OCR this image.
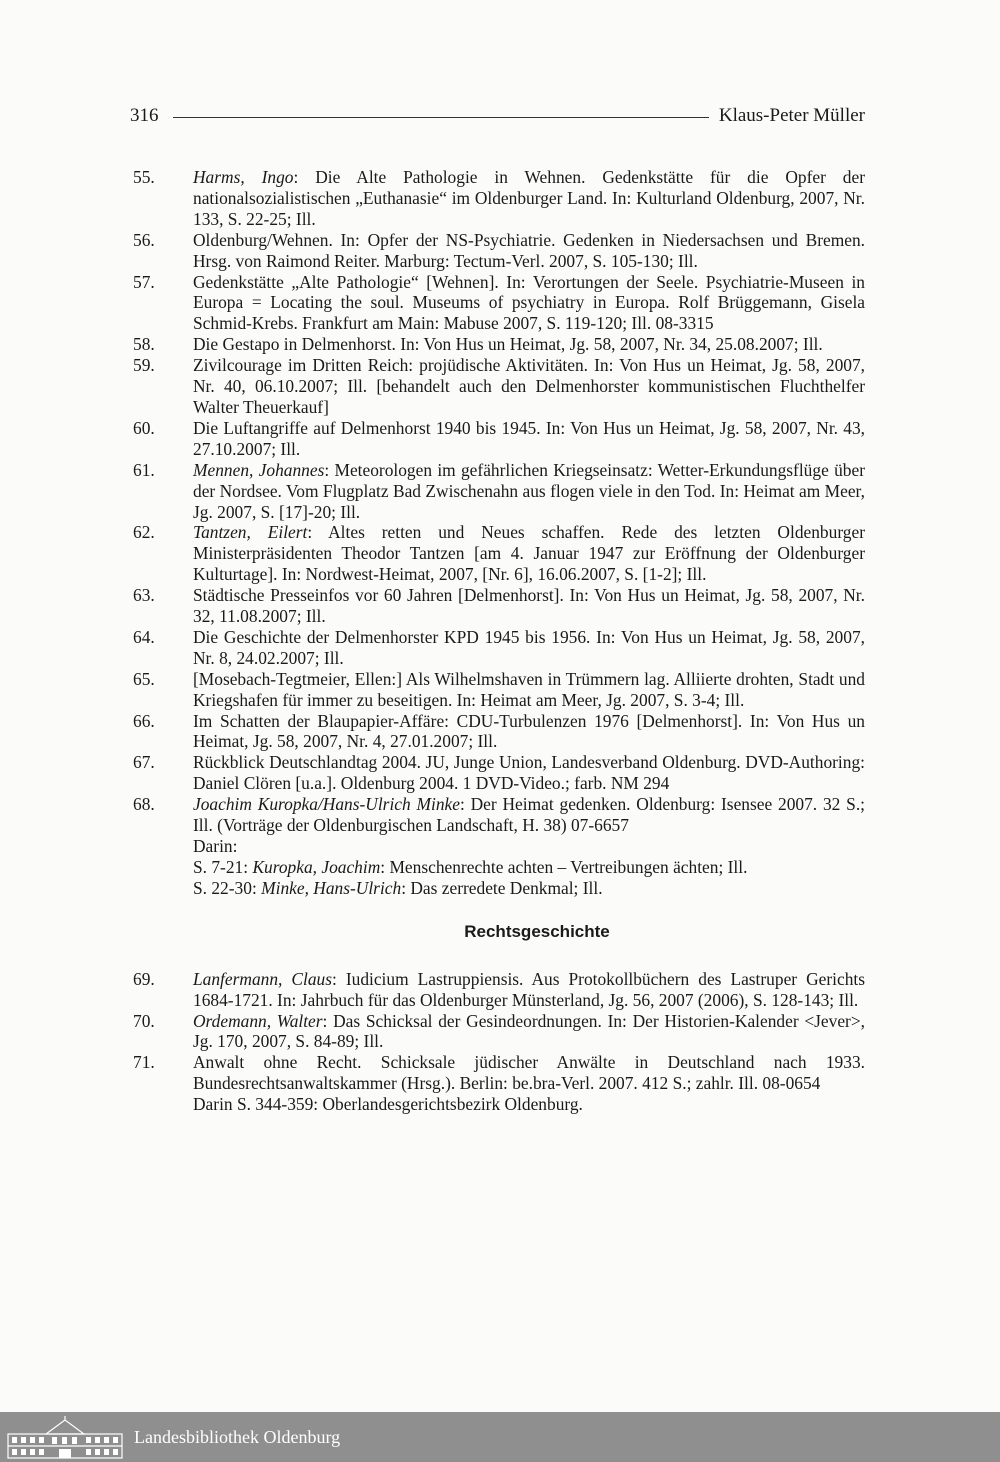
316	Klaus-Peter Müller
55. Harms, Ingo: Die Alte Pathologie in Wehnen. Gedenkstätte für die Opfer der nationalsozialistischen „Euthanasie“ im Oldenburger Land. In: Kulturland Oldenburg, 2007, Nr. 133, S. 22-25; Ill.
56. Oldenburg/Wehnen. In: Opfer der NS-Psychiatrie. Gedenken in Niedersachsen und Bremen. Hrsg. von Raimond Reiter. Marburg: Tectum-Verl. 2007, S. 105-130; Ill.
57. Gedenkstätte „Alte Pathologie“ [Wehnen]. In: Verortungen der Seele. Psychiatrie-Museen in Europa = Locating the soul. Museums of psychiatry in Europa. Rolf Brüggemann, Gisela Schmid-Krebs. Frankfurt am Main: Mabuse 2007, S. 119-120; Ill. 08-3315
58. Die Gestapo in Delmenhorst. In: Von Hus un Heimat, Jg. 58, 2007, Nr. 34, 25.08.2007; Ill.
59. Zivilcourage im Dritten Reich: projüdische Aktivitäten. In: Von Hus un Heimat, Jg. 58, 2007, Nr. 40, 06.10.2007; Ill. [behandelt auch den Delmenhorster kommunistischen Fluchthelfer Walter Theuerkauf]
60. Die Luftangriffe auf Delmenhorst 1940 bis 1945. In: Von Hus un Heimat, Jg. 58, 2007, Nr. 43, 27.10.2007; Ill.
61. Mennen, Johannes: Meteorologen im gefährlichen Kriegseinsatz: Wetter-Erkundungsflüge über der Nordsee. Vom Flugplatz Bad Zwischenahn aus flogen viele in den Tod. In: Heimat am Meer, Jg. 2007, S. [17]-20; Ill.
62. Tantzen, Eilert: Altes retten und Neues schaffen. Rede des letzten Oldenburger Ministerpräsidenten Theodor Tantzen [am 4. Januar 1947 zur Eröffnung der Oldenburger Kulturtage]. In: Nordwest-Heimat, 2007, [Nr. 6], 16.06.2007, S. [1-2]; Ill.
63. Städtische Presseinfos vor 60 Jahren [Delmenhorst]. In: Von Hus un Heimat, Jg. 58, 2007, Nr. 32, 11.08.2007; Ill.
64. Die Geschichte der Delmenhorster KPD 1945 bis 1956. In: Von Hus un Heimat, Jg. 58, 2007, Nr. 8, 24.02.2007; Ill.
65. [Mosebach-Tegtmeier, Ellen:] Als Wilhelmshaven in Trümmern lag. Alliierte drohten, Stadt und Kriegshafen für immer zu beseitigen. In: Heimat am Meer, Jg. 2007, S. 3-4; Ill.
66. Im Schatten der Blaupapier-Affäre: CDU-Turbulenzen 1976 [Delmenhorst]. In: Von Hus un Heimat, Jg. 58, 2007, Nr. 4, 27.01.2007; Ill.
67. Rückblick Deutschlandtag 2004. JU, Junge Union, Landesverband Oldenburg. DVD-Authoring: Daniel Clören [u.a.]. Oldenburg 2004. 1 DVD-Video.; farb. NM 294
68. Joachim Kuropka/Hans-Ulrich Minke: Der Heimat gedenken. Oldenburg: Isensee 2007. 32 S.; Ill. (Vorträge der Oldenburgischen Landschaft, H. 38) 07-6657
Darin:
S. 7-21: Kuropka, Joachim: Menschenrechte achten – Vertreibungen ächten; Ill.
S. 22-30: Minke, Hans-Ulrich: Das zerredete Denkmal; Ill.
Rechtsgeschichte
69. Lanfermann, Claus: Iudicium Lastruppiensis. Aus Protokollbüchern des Lastruper Gerichts 1684-1721. In: Jahrbuch für das Oldenburger Münsterland, Jg. 56, 2007 (2006), S. 128-143; Ill.
70. Ordemann, Walter: Das Schicksal der Gesindeordnungen. In: Der Historien-Kalender <Jever>, Jg. 170, 2007, S. 84-89; Ill.
71. Anwalt ohne Recht. Schicksale jüdischer Anwälte in Deutschland nach 1933. Bundesrechtsanwaltskammer (Hrsg.). Berlin: be.bra-Verl. 2007. 412 S.; zahlr. Ill. 08-0654
Darin S. 344-359: Oberlandesgerichtsbezirk Oldenburg.
Landesbibliothek Oldenburg
